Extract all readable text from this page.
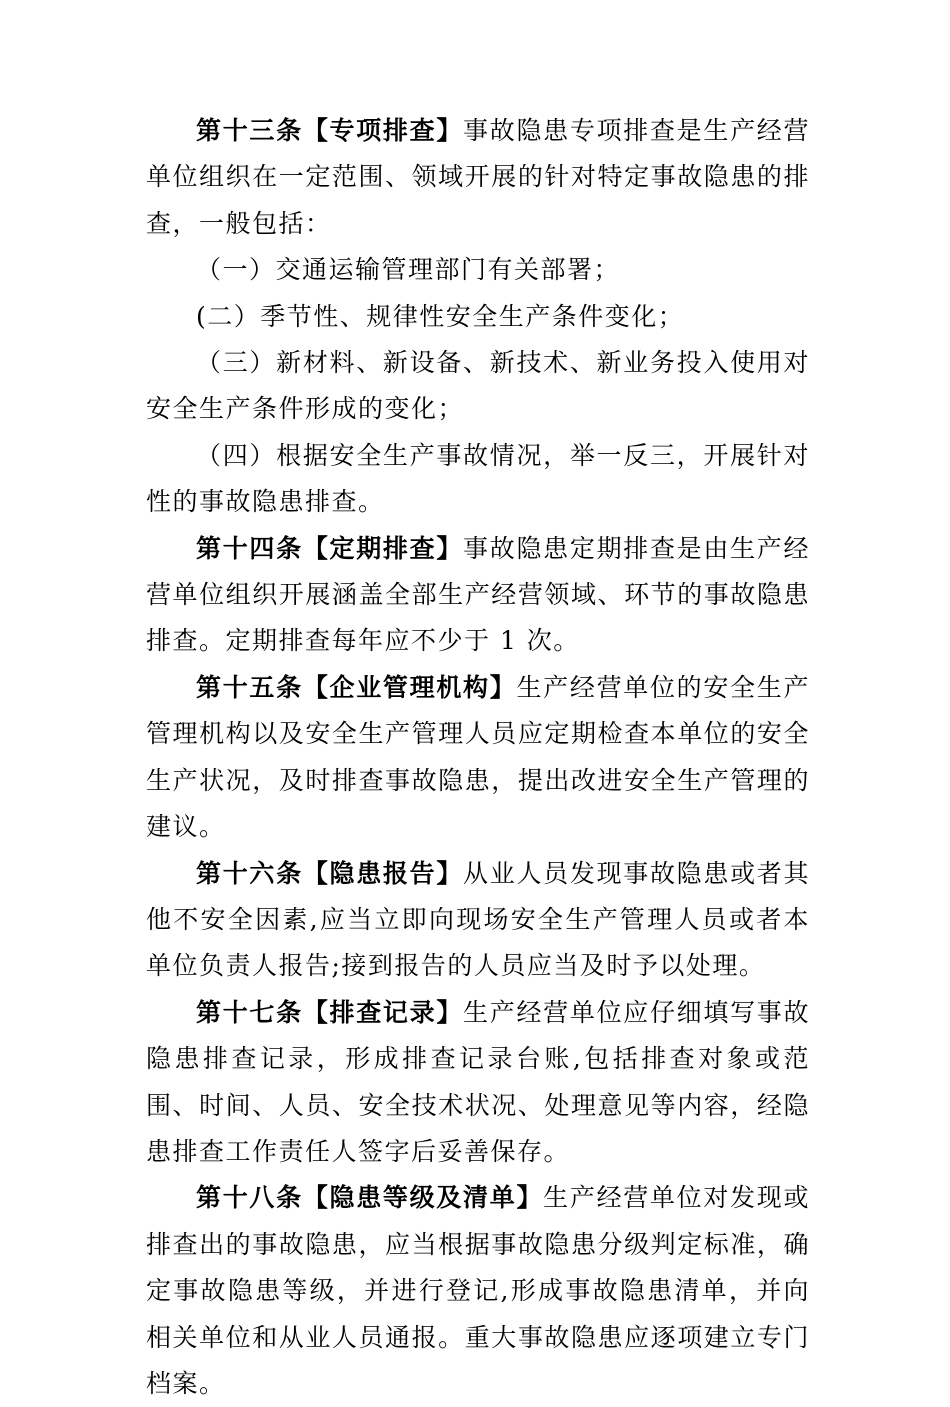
第十三条【专项排查】事故隐患专项排查是生产经营单位组织在一定范围、领域开展的针对特定事故隐患的排查，一般包括：

（一）交通运输管理部门有关部署；

(二）季节性、规律性安全生产条件变化；

（三）新材料、新设备、新技术、新业务投入使用对安全生产条件形成的变化；

（四）根据安全生产事故情况，举一反三，开展针对性的事故隐患排查。

第十四条【定期排查】事故隐患定期排查是由生产经营单位组织开展涵盖全部生产经营领域、环节的事故隐患排查。定期排查每年应不少于 1 次。

第十五条【企业管理机构】生产经营单位的安全生产管理机构以及安全生产管理人员应定期检查本单位的安全生产状况，及时排查事故隐患，提出改进安全生产管理的建议。

第十六条【隐患报告】从业人员发现事故隐患或者其他不安全因素,应当立即向现场安全生产管理人员或者本单位负责人报告;接到报告的人员应当及时予以处理。

第十七条【排查记录】生产经营单位应仔细填写事故隐患排查记录，形成排查记录台账,包括排查对象或范围、时间、人员、安全技术状况、处理意见等内容，经隐患排查工作责任人签字后妥善保存。

第十八条【隐患等级及清单】生产经营单位对发现或排查出的事故隐患，应当根据事故隐患分级判定标准，确定事故隐患等级，并进行登记,形成事故隐患清单，并向相关单位和从业人员通报。重大事故隐患应逐项建立专门档案。
